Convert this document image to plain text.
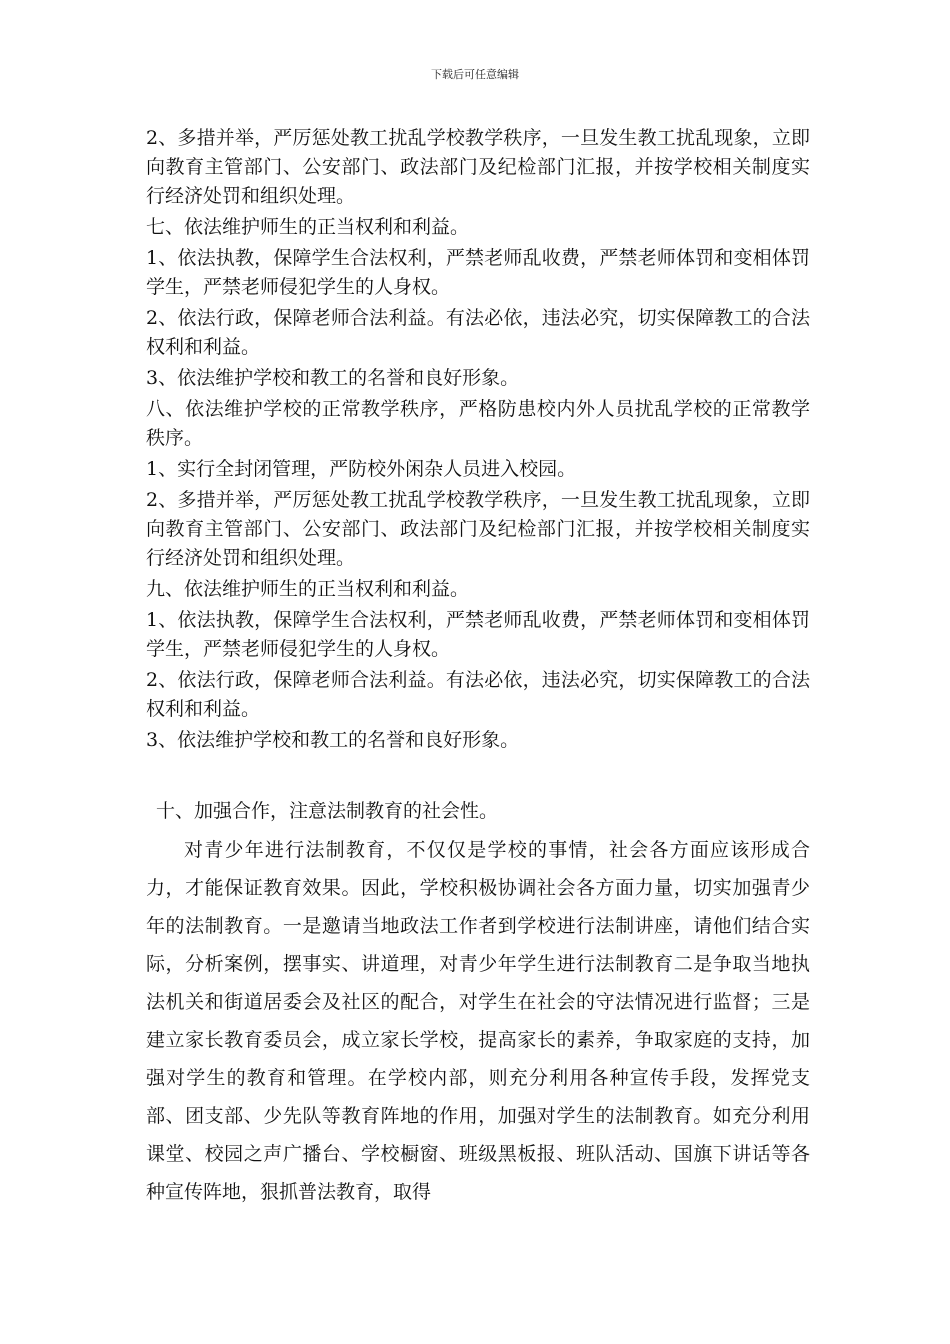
下载后可任意编辑

2、多措并举，严厉惩处教工扰乱学校教学秩序，一旦发生教工扰乱现象，立即向教育主管部门、公安部门、政法部门及纪检部门汇报，并按学校相关制度实行经济处罚和组织处理。

七、依法维护师生的正当权利和利益。

1、依法执教，保障学生合法权利，严禁老师乱收费，严禁老师体罚和变相体罚学生，严禁老师侵犯学生的人身权。

2、依法行政，保障老师合法利益。有法必依，违法必究，切实保障教工的合法权利和利益。

3、依法维护学校和教工的名誉和良好形象。

八、依法维护学校的正常教学秩序，严格防患校内外人员扰乱学校的正常教学秩序。

1、实行全封闭管理，严防校外闲杂人员进入校园。

2、多措并举，严厉惩处教工扰乱学校教学秩序，一旦发生教工扰乱现象，立即向教育主管部门、公安部门、政法部门及纪检部门汇报，并按学校相关制度实行经济处罚和组织处理。

九、依法维护师生的正当权利和利益。

1、依法执教，保障学生合法权利，严禁老师乱收费，严禁老师体罚和变相体罚学生，严禁老师侵犯学生的人身权。

2、依法行政，保障老师合法利益。有法必依，违法必究，切实保障教工的合法权利和利益。

3、依法维护学校和教工的名誉和良好形象。

十、加强合作，注意法制教育的社会性。

对青少年进行法制教育，不仅仅是学校的事情，社会各方面应该形成合力，才能保证教育效果。因此，学校积极协调社会各方面力量，切实加强青少年的法制教育。一是邀请当地政法工作者到学校进行法制讲座，请他们结合实际，分析案例，摆事实、讲道理，对青少年学生进行法制教育二是争取当地执法机关和街道居委会及社区的配合，对学生在社会的守法情况进行监督；三是建立家长教育委员会，成立家长学校，提高家长的素养，争取家庭的支持，加强对学生的教育和管理。在学校内部，则充分利用各种宣传手段，发挥党支部、团支部、少先队等教育阵地的作用，加强对学生的法制教育。如充分利用课堂、校园之声广播台、学校橱窗、班级黑板报、班队活动、国旗下讲话等各种宣传阵地，狠抓普法教育，取得
